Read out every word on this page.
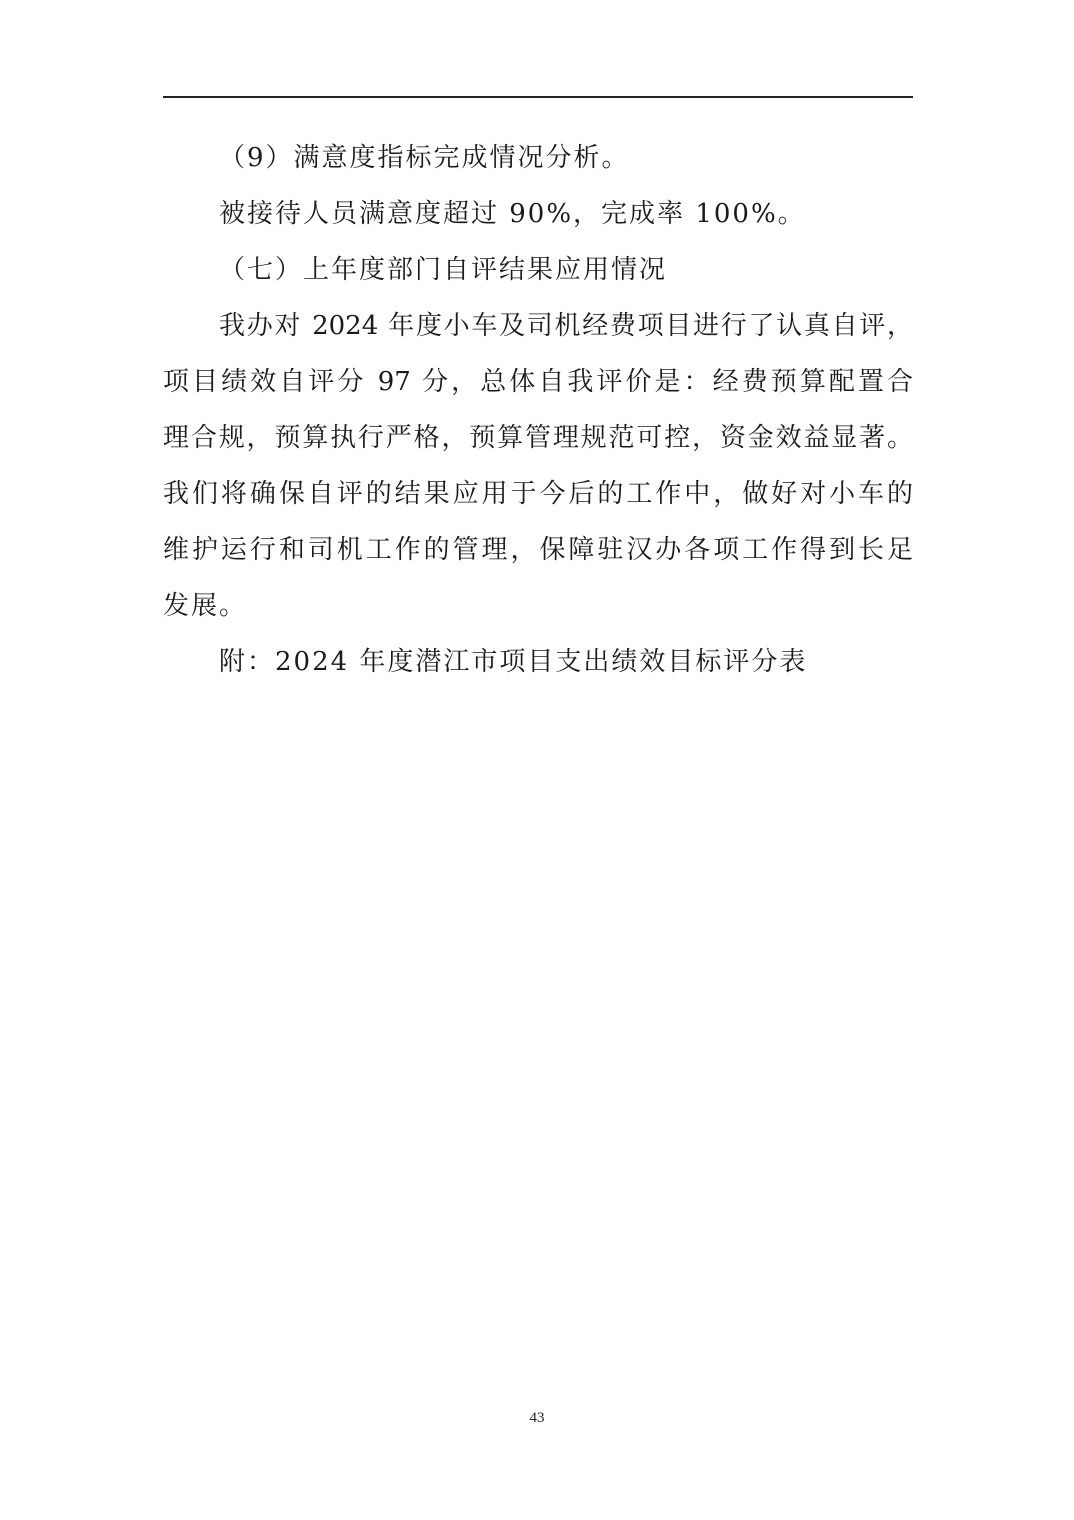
（9）满意度指标完成情况分析。
被接待人员满意度超过 90%，完成率 100%。
（七）上年度部门自评结果应用情况
我办对 2024 年度小车及司机经费项目进行了认真自评，
项目绩效自评分 97 分，总体自我评价是：经费预算配置合
理合规，预算执行严格，预算管理规范可控，资金效益显著。
我们将确保自评的结果应用于今后的工作中，做好对小车的
维护运行和司机工作的管理，保障驻汉办各项工作得到长足
发展。
附：2024 年度潜江市项目支出绩效目标评分表
43
